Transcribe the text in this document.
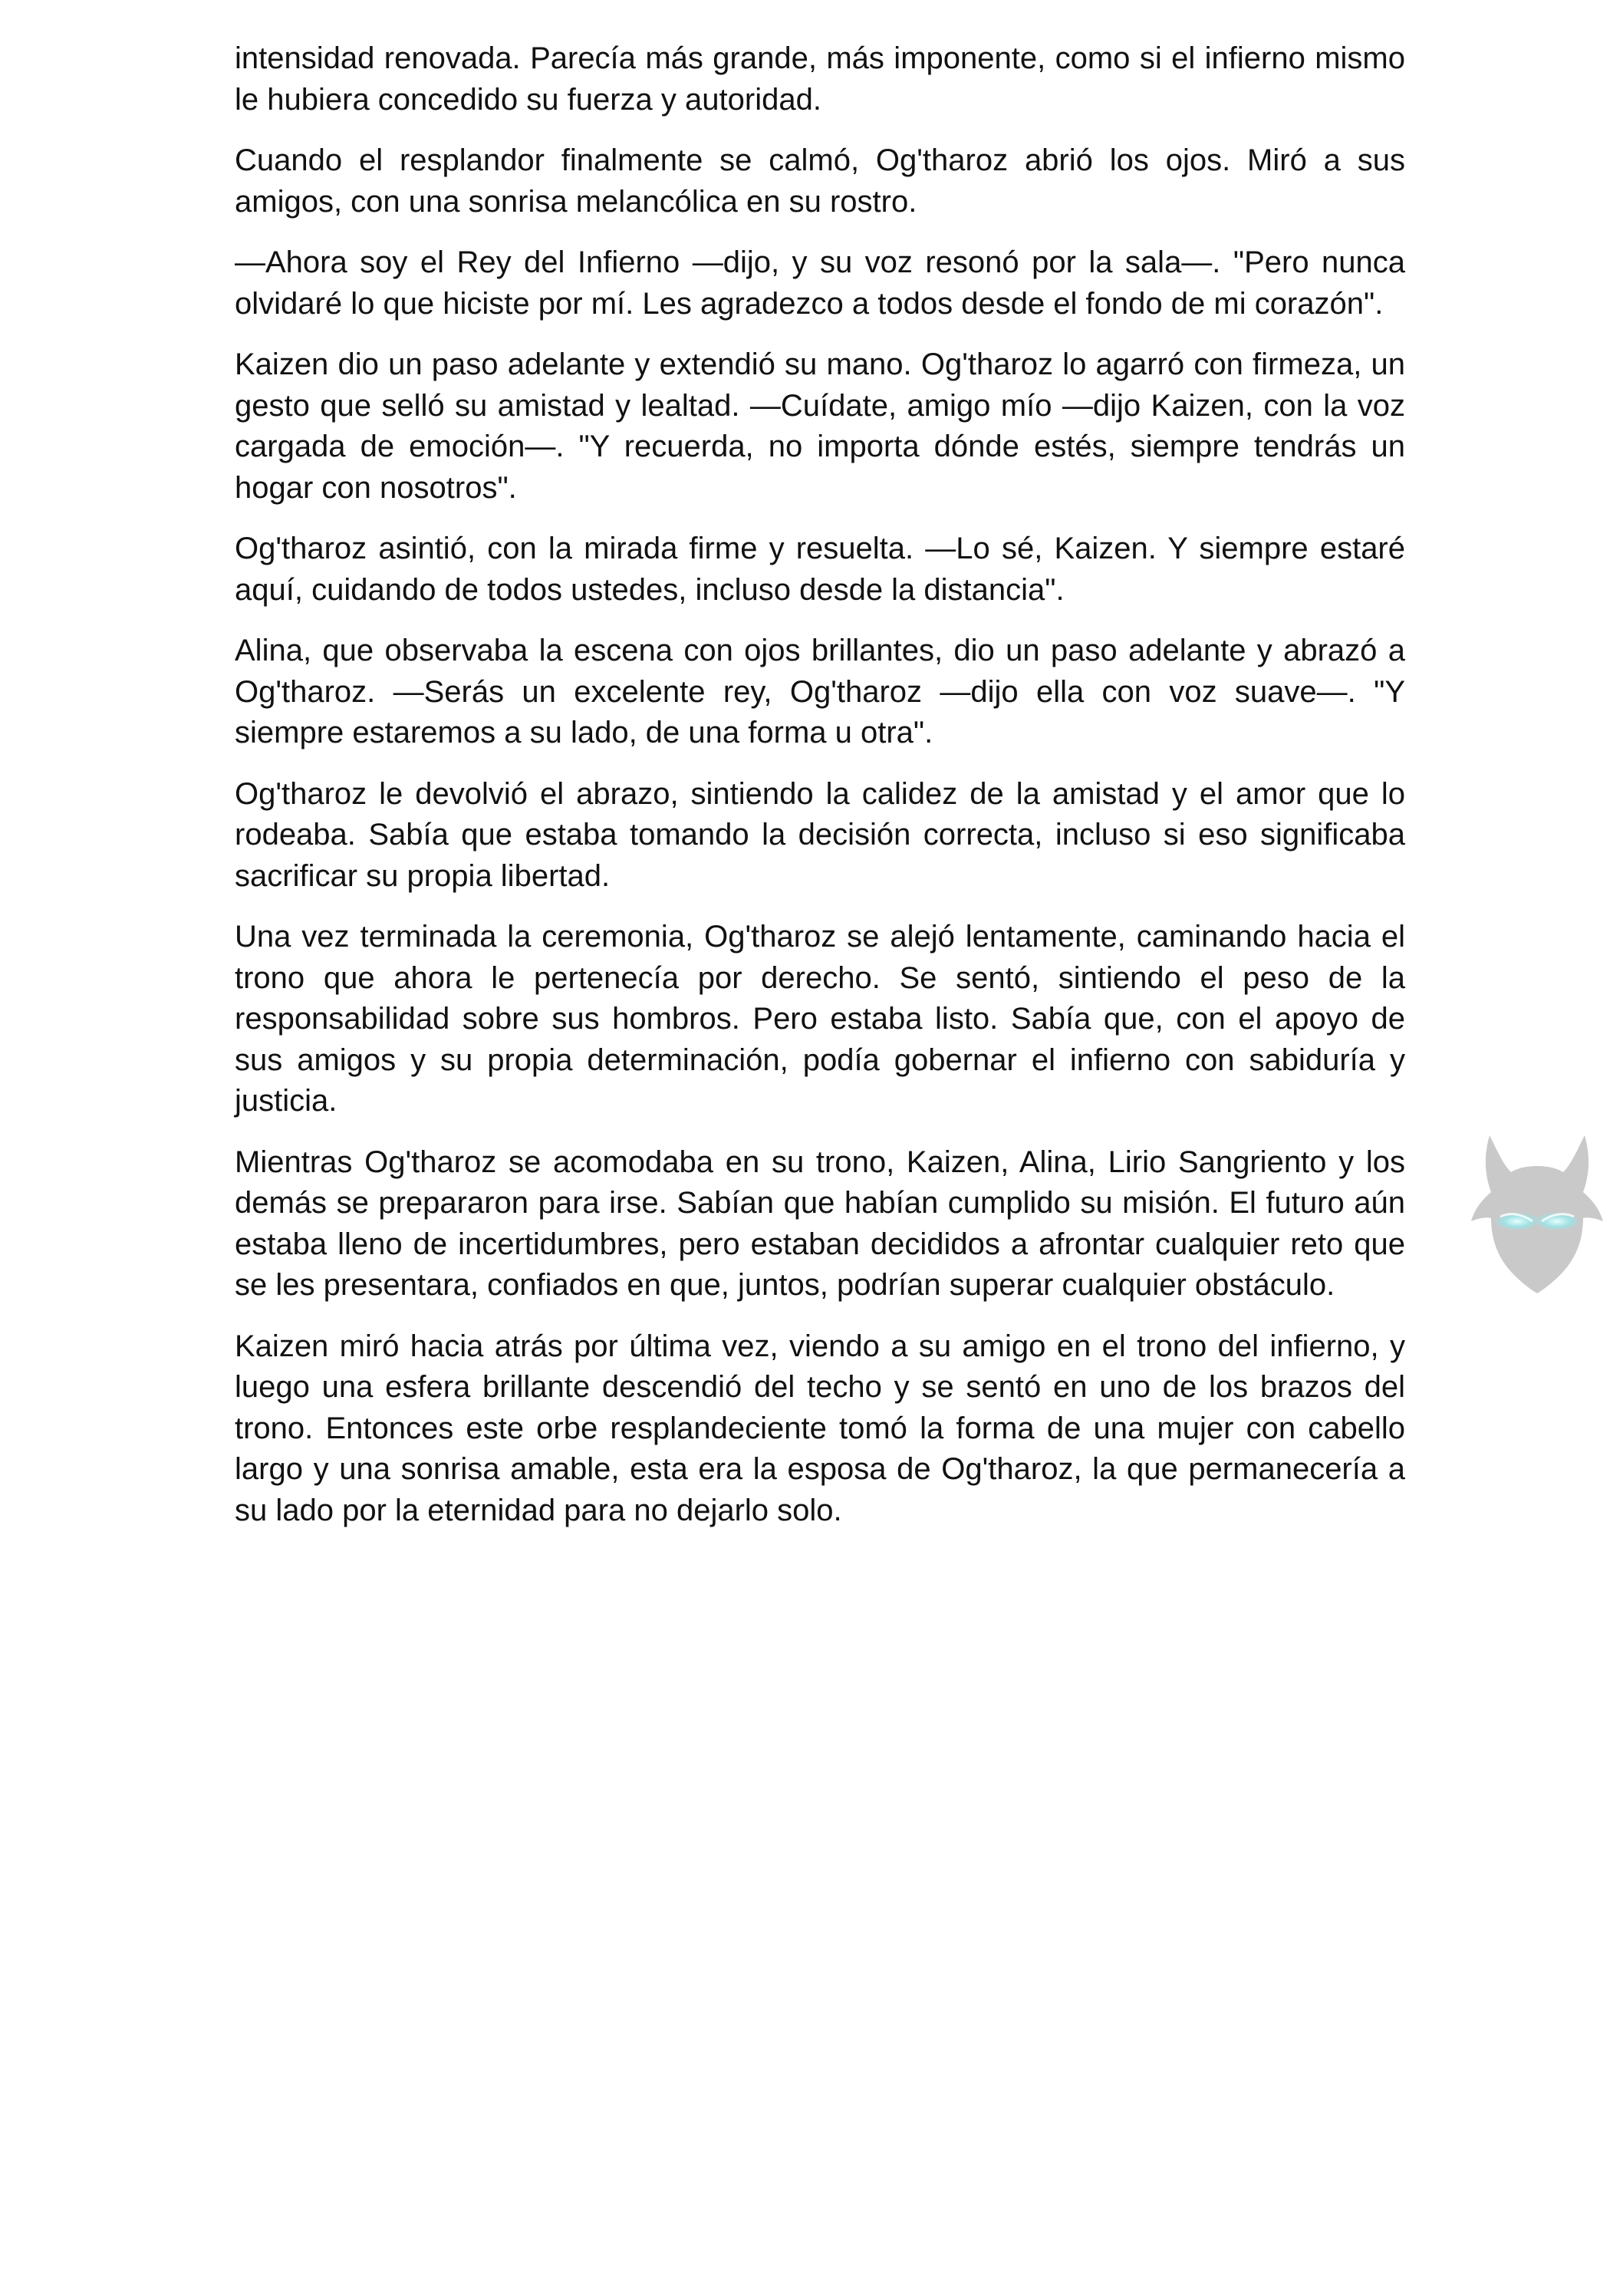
intensidad renovada. Parecía más grande, más imponente, como si el infierno mismo le hubiera concedido su fuerza y autoridad.

Cuando el resplandor finalmente se calmó, Og'tharoz abrió los ojos. Miró a sus amigos, con una sonrisa melancólica en su rostro.

—Ahora soy el Rey del Infierno —dijo, y su voz resonó por la sala—. "Pero nunca olvidaré lo que hiciste por mí. Les agradezco a todos desde el fondo de mi corazón".

Kaizen dio un paso adelante y extendió su mano. Og'tharoz lo agarró con firmeza, un gesto que selló su amistad y lealtad. —Cuídate, amigo mío —dijo Kaizen, con la voz cargada de emoción—. "Y recuerda, no importa dónde estés, siempre tendrás un hogar con nosotros".

Og'tharoz asintió, con la mirada firme y resuelta. —Lo sé, Kaizen. Y siempre estaré aquí, cuidando de todos ustedes, incluso desde la distancia".

Alina, que observaba la escena con ojos brillantes, dio un paso adelante y abrazó a Og'tharoz. —Serás un excelente rey, Og'tharoz —dijo ella con voz suave—. "Y siempre estaremos a su lado, de una forma u otra".

Og'tharoz le devolvió el abrazo, sintiendo la calidez de la amistad y el amor que lo rodeaba. Sabía que estaba tomando la decisión correcta, incluso si eso significaba sacrificar su propia libertad.

Una vez terminada la ceremonia, Og'tharoz se alejó lentamente, caminando hacia el trono que ahora le pertenecía por derecho. Se sentó, sintiendo el peso de la responsabilidad sobre sus hombros. Pero estaba listo. Sabía que, con el apoyo de sus amigos y su propia determinación, podía gobernar el infierno con sabiduría y justicia.

Mientras Og'tharoz se acomodaba en su trono, Kaizen, Alina, Lirio Sangriento y los demás se prepararon para irse. Sabían que habían cumplido su misión. El futuro aún estaba lleno de incertidumbres, pero estaban decididos a afrontar cualquier reto que se les presentara, confiados en que, juntos, podrían superar cualquier obstáculo.

Kaizen miró hacia atrás por última vez, viendo a su amigo en el trono del infierno, y luego una esfera brillante descendió del techo y se sentó en uno de los brazos del trono. Entonces este orbe resplandeciente tomó la forma de una mujer con cabello largo y una sonrisa amable, esta era la esposa de Og'tharoz, la que permanecería a su lado por la eternidad para no dejarlo solo.
